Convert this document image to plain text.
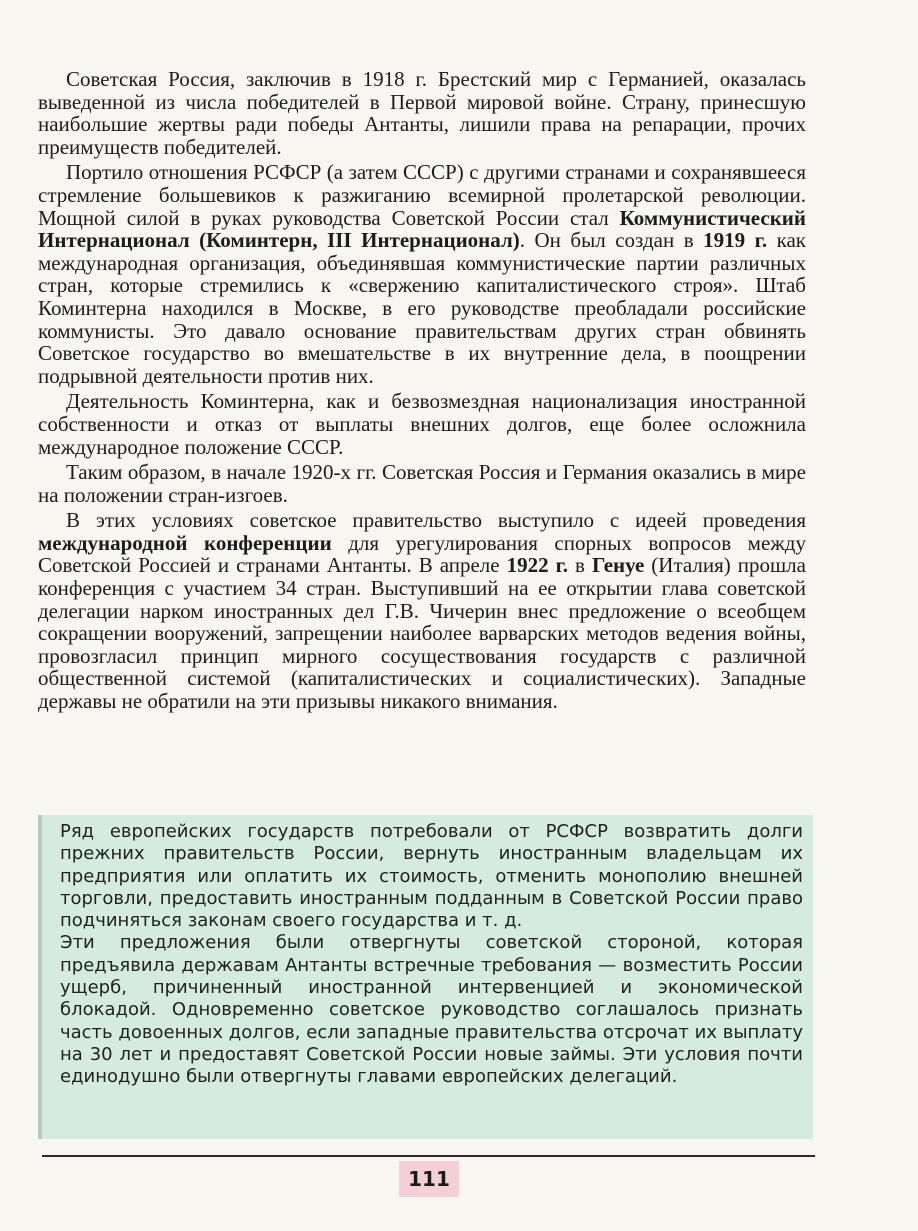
Советская Россия, заключив в 1918 г. Брестский мир с Германией, оказалась выведенной из числа победителей в Первой мировой войне. Страну, принесшую наибольшие жертвы ради победы Антанты, лишили права на репарации, прочих преимуществ победителей.

Портило отношения РСФСР (а затем СССР) с другими странами и сохранявшееся стремление большевиков к разжиганию всемирной пролетарской революции. Мощной силой в руках руководства Советской России стал Коммунистический Интернационал (Коминтерн, III Интернационал). Он был создан в 1919 г. как международная организация, объединявшая коммунистические партии различных стран, которые стремились к «свержению капиталистического строя». Штаб Коминтерна находился в Москве, в его руководстве преобладали российские коммунисты. Это давало основание правительствам других стран обвинять Советское государство во вмешательстве в их внутренние дела, в поощрении подрывной деятельности против них.

Деятельность Коминтерна, как и безвозмездная национализация иностранной собственности и отказ от выплаты внешних долгов, еще более осложнила международное положение СССР.

Таким образом, в начале 1920-х гг. Советская Россия и Германия оказались в мире на положении стран-изгоев.

В этих условиях советское правительство выступило с идеей проведения международной конференции для урегулирования спорных вопросов между Советской Россией и странами Антанты. В апреле 1922 г. в Генуе (Италия) прошла конференция с участием 34 стран. Выступивший на ее открытии глава советской делегации нарком иностранных дел Г.В. Чичерин внес предложение о всеобщем сокращении вооружений, запрещении наиболее варварских методов ведения войны, провозгласил принцип мирного сосуществования государств с различной общественной системой (капиталистических и социалистических). Западные державы не обратили на эти призывы никакого внимания.

Ряд европейских государств потребовали от РСФСР возвратить долги прежних правительств России, вернуть иностранным владельцам их предприятия или оплатить их стоимость, отменить монополию внешней торговли, предоставить иностранным подданным в Советской России право подчиняться законам своего государства и т. д.

Эти предложения были отвергнуты советской стороной, которая предъявила державам Антанты встречные требования — возместить России ущерб, причиненный иностранной интервенцией и экономической блокадой. Одновременно советское руководство соглашалось признать часть довоенных долгов, если западные правительства отсрочат их выплату на 30 лет и предоставят Советской России новые займы. Эти условия почти единодушно были отвергнуты главами европейских делегаций.

111
